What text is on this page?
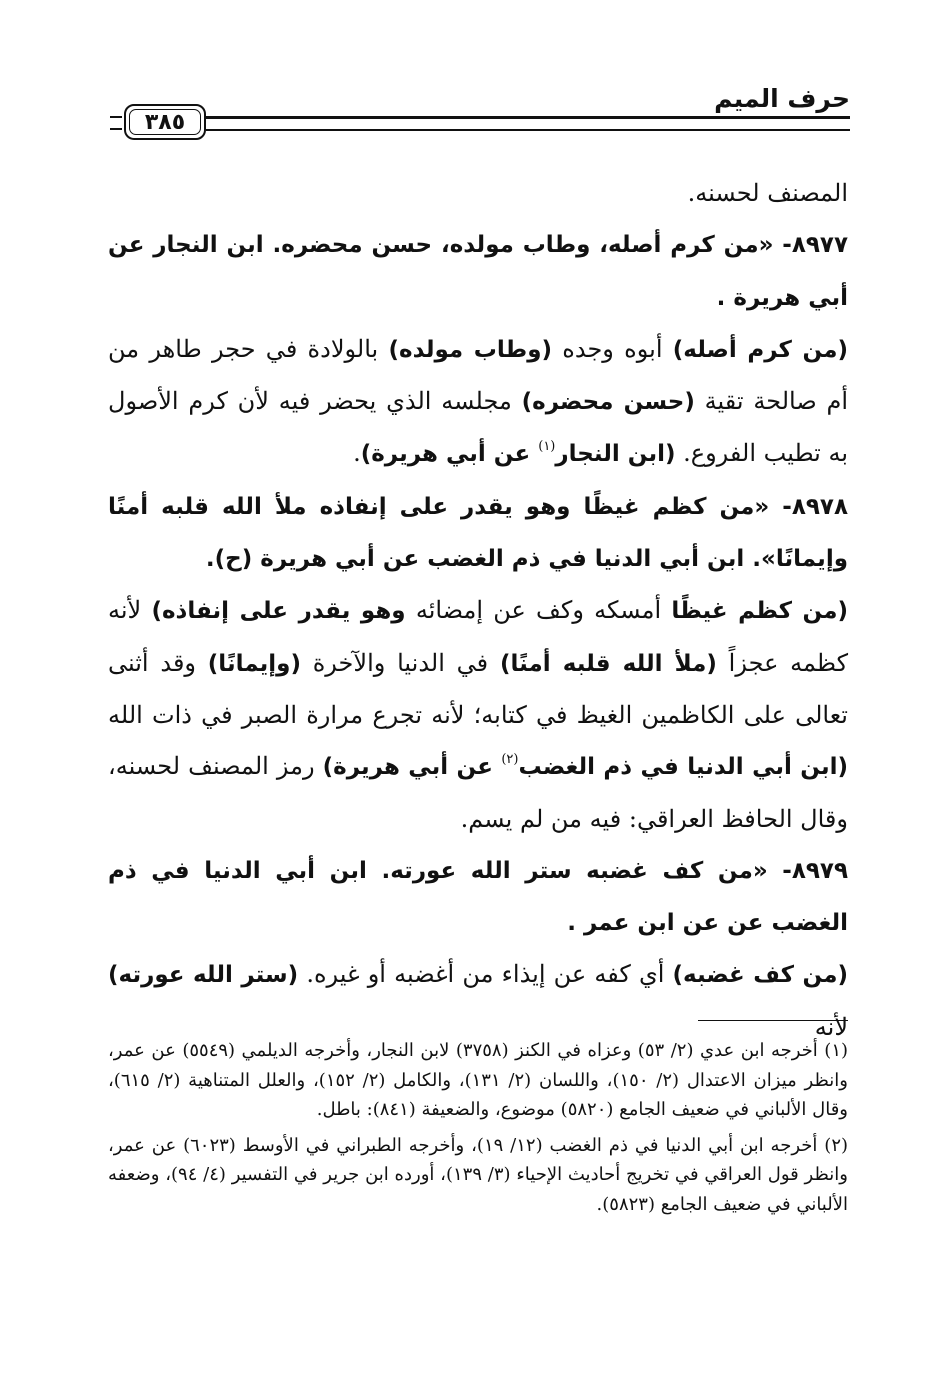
حرف الميم
٣٨٥

المصنف لحسنه.

٨٩٧٧- «من كرم أصله، وطاب مولده، حسن محضره. ابن النجار عن أبي هريرة .

(من كرم أصله) أبوه وجده (وطاب مولده) بالولادة في حجر طاهر من أم صالحة تقية (حسن محضره) مجلسه الذي يحضر فيه لأن كرم الأصول به تطيب الفروع. (ابن النجار$^{(١)}$ عن أبي هريرة).

٨٩٧٨- «من كظم غيظًا وهو يقدر على إنفاذه ملأ الله قلبه أمنًا وإيمانًا». ابن أبي الدنيا في ذم الغضب عن أبي هريرة (ح).

(من كظم غيظًا أمسكه وكف عن إمضائه وهو يقدر على إنفاذه) لأنه كظمه عجزاً (ملأ الله قلبه أمنًا) في الدنيا والآخرة (وإيمانًا) وقد أثنى تعالى على الكاظمين الغيظ في كتابه؛ لأنه تجرع مرارة الصبر في ذات الله (ابن أبي الدنيا في ذم الغضب$^{(٢)}$ عن أبي هريرة) رمز المصنف لحسنه، وقال الحافظ العراقي: فيه من لم يسم.

٨٩٧٩- «من كف غضبه ستر الله عورته. ابن أبي الدنيا في ذم الغضب عن عن ابن عمر .

(من كف غضبه) أي كفه عن إيذاء من أغضبه أو غيره. (ستر الله عورته) لأنه

(١) أخرجه ابن عدي (٢/ ٥٣) وعزاه في الكنز (٣٧٥٨) لابن النجار، وأخرجه الديلمي (٥٥٤٩) عن عمر، وانظر ميزان الاعتدال (٢/ ١٥٠)، واللسان (٢/ ١٣١)، والكامل (٢/ ١٥٢)، والعلل المتناهية (٢/ ٦١٥)، وقال الألباني في ضعيف الجامع (٥٨٢٠) موضوع، والضعيفة (٨٤١): باطل.

(٢) أخرجه ابن أبي الدنيا في ذم الغضب (١٢/ ١٩)، وأخرجه الطبراني في الأوسط (٦٠٢٣) عن عمر، وانظر قول العراقي في تخريج أحاديث الإحياء (٣/ ١٣٩)، أورده ابن جرير في التفسير (٤/ ٩٤)، وضعفه الألباني في ضعيف الجامع (٥٨٢٣).
